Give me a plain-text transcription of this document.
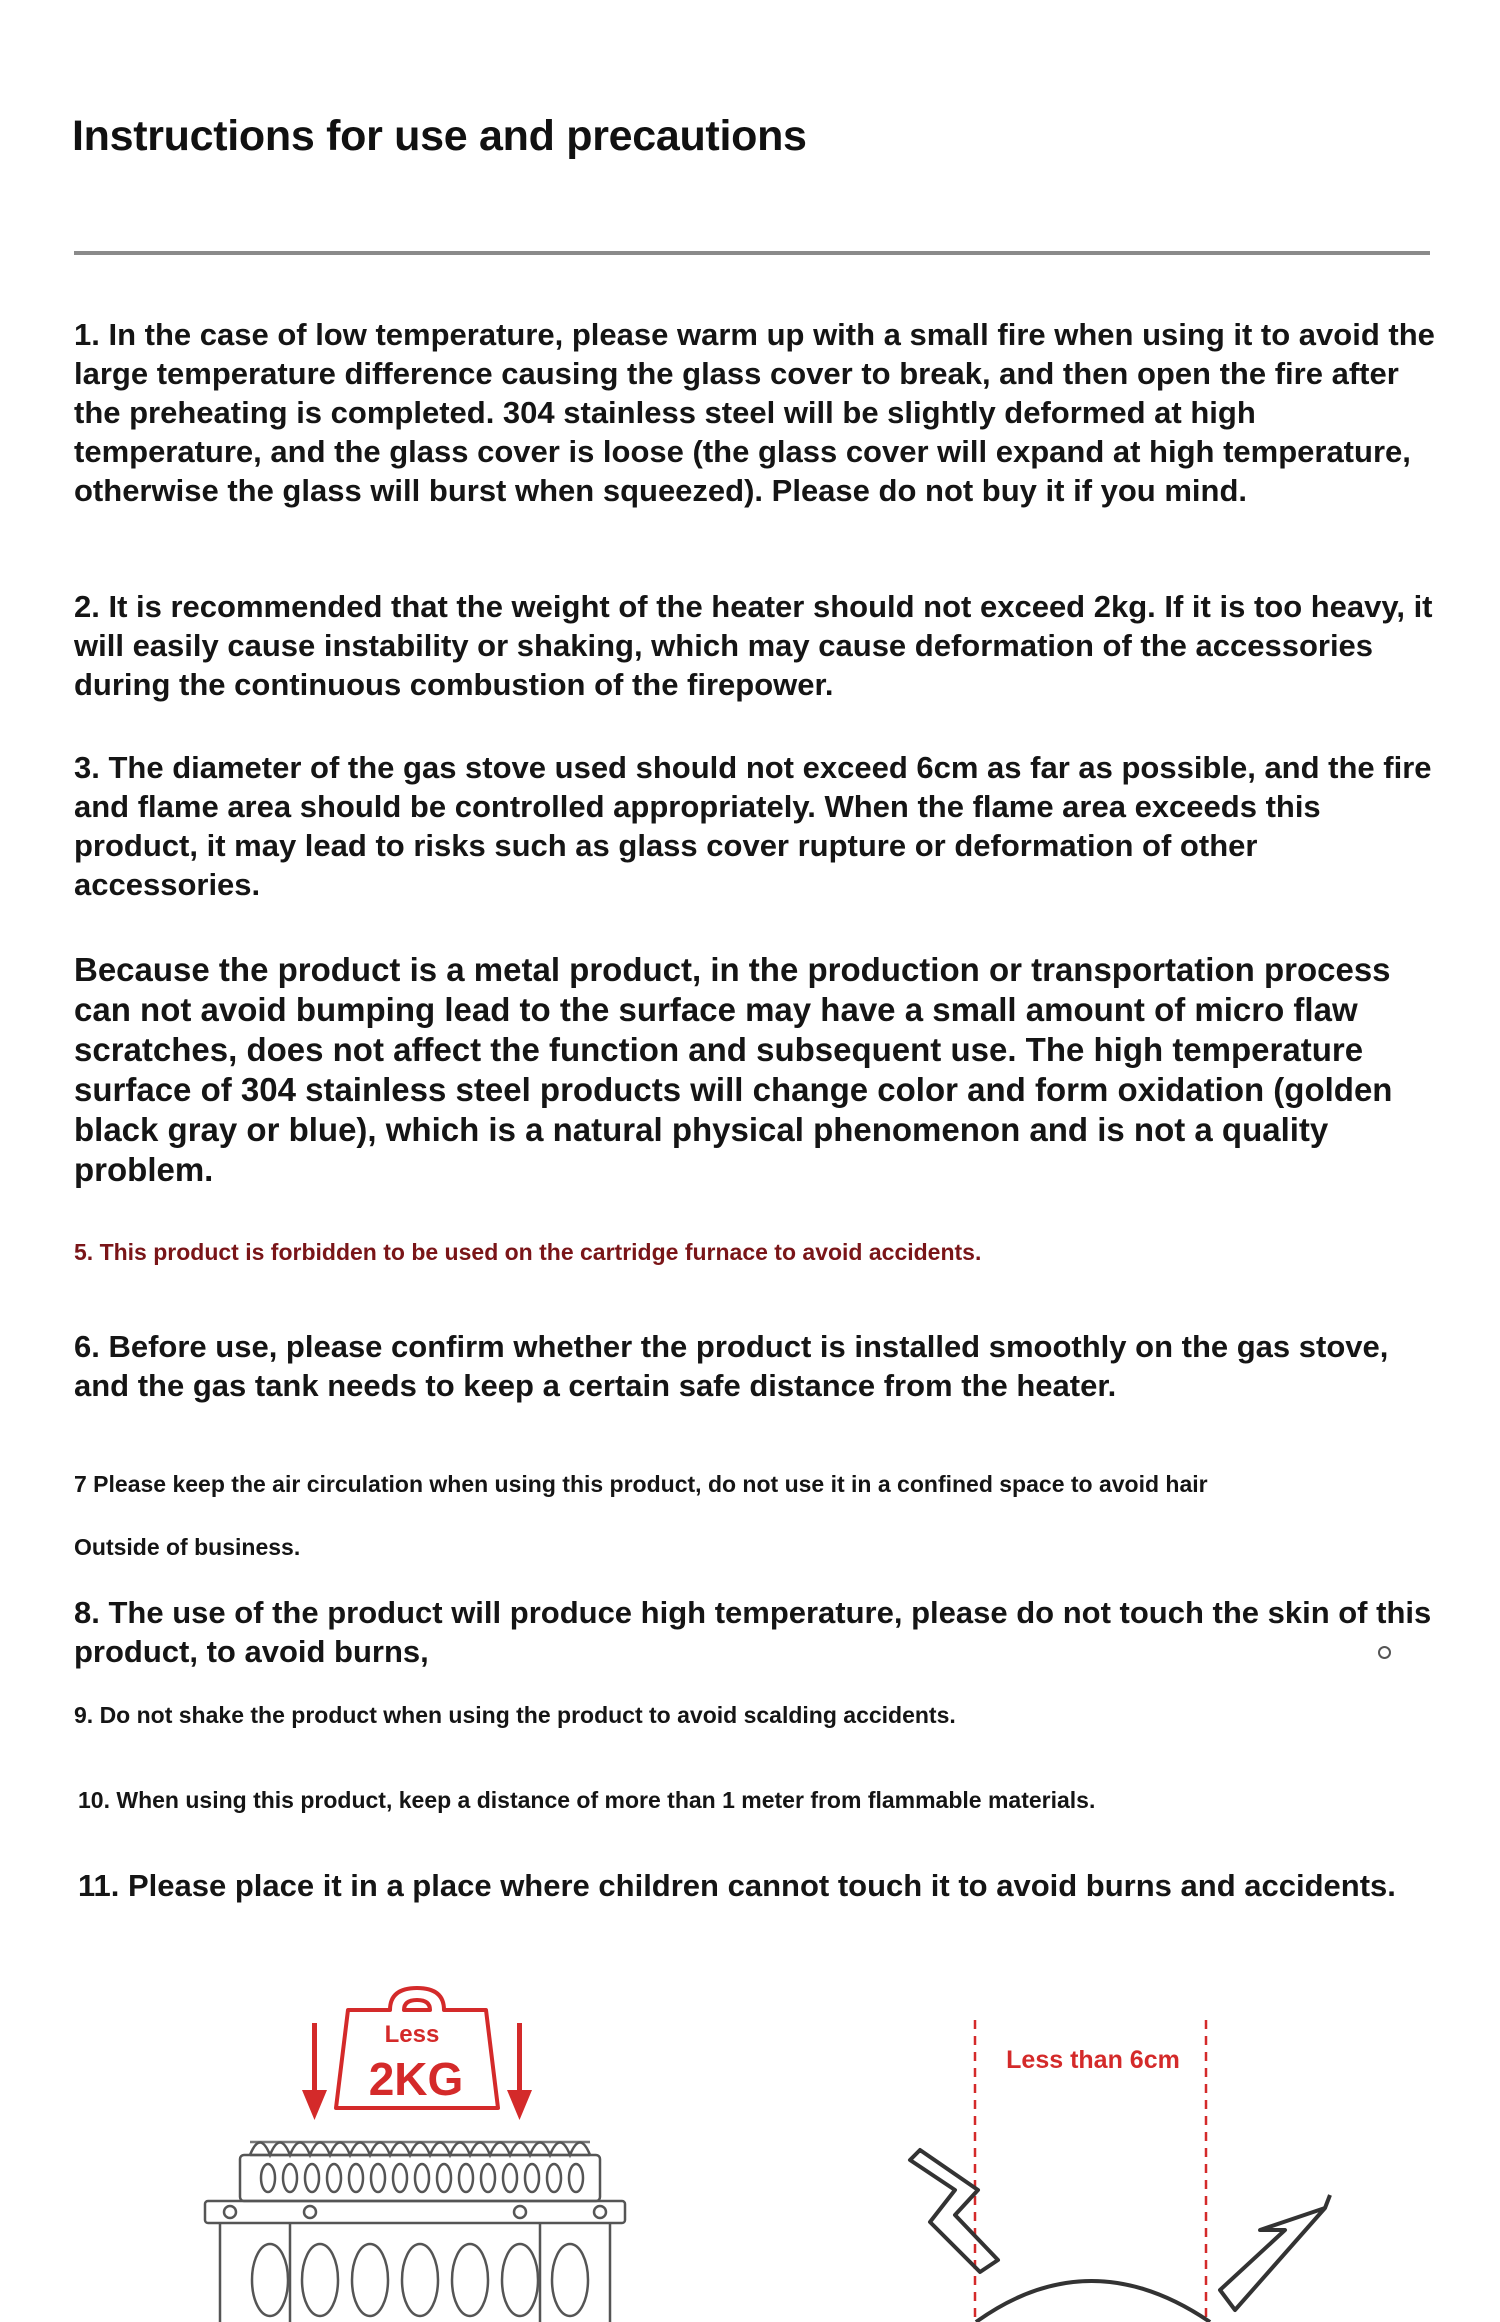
Instructions for use and precautions

1. In the case of low temperature, please warm up with a small fire when using it to avoid the large temperature difference causing the glass cover to break, and then open the fire after the preheating is completed. 304 stainless steel will be slightly deformed at high temperature, and the glass cover is loose (the glass cover will expand at high temperature, otherwise the glass will burst when squeezed). Please do not buy it if you mind.

2. It is recommended that the weight of the heater should not exceed 2kg. If it is too heavy, it will easily cause instability or shaking, which may cause deformation of the accessories during the continuous combustion of the firepower.

3. The diameter of the gas stove used should not exceed 6cm as far as possible, and the fire and flame area should be controlled appropriately. When the flame area exceeds this product, it may lead to risks such as glass cover rupture or deformation of other accessories.

Because the product is a metal product, in the production or transportation process can not avoid bumping lead to the surface may have a small amount of micro flaw scratches, does not affect the function and subsequent use. The high temperature surface of 304 stainless steel products will change color and form oxidation (golden black gray or blue), which is a natural physical phenomenon and is not a quality problem.

5. This product is forbidden to be used on the cartridge furnace to avoid accidents.

6. Before use, please confirm whether the product is installed smoothly on the gas stove, and the gas tank needs to keep a certain safe distance from the heater.

7 Please keep the air circulation when using this product, do not use it in a confined space to avoid hair

Outside of business.

8. The use of the product will produce high temperature, please do not touch the skin of this product, to avoid burns,

9. Do not shake the product when using the product to avoid scalding accidents.

10. When using this product, keep a distance of more than 1 meter from flammable materials.

11. Please place it in a place where children cannot touch it to avoid burns and accidents.

Less
2KG	Less than 6cm
